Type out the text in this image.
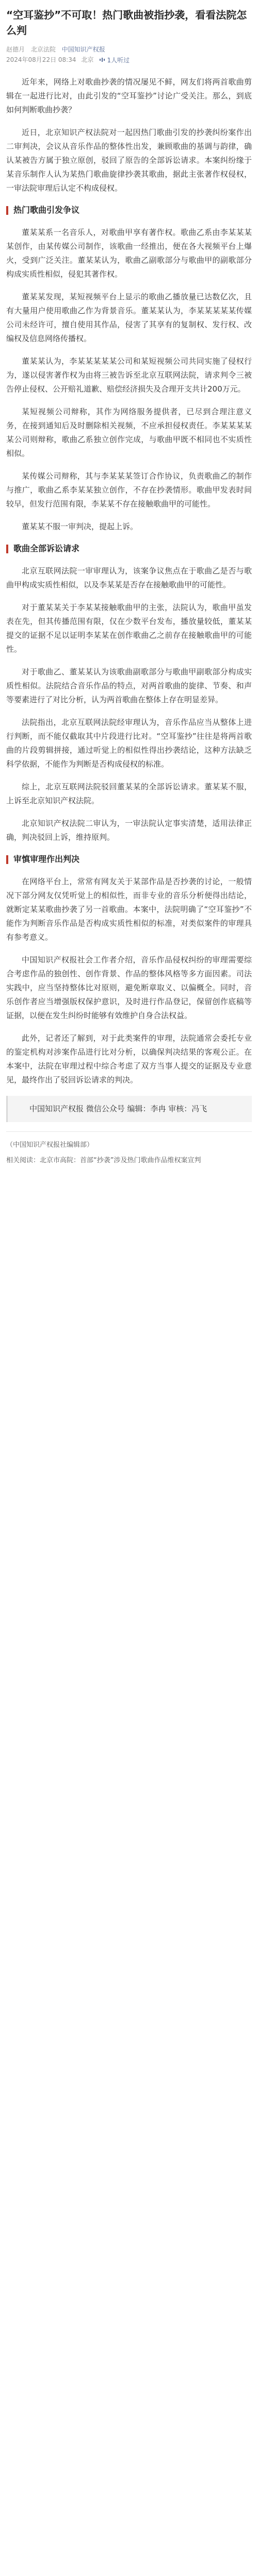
“空耳鉴抄”不可取！热门歌曲被指抄袭，看看法院怎么判
赵德月 北京法院 中国知识产权报
2024年08月22日 08:34 北京 1人听过

近年来，网络上对歌曲抄袭的情况屡见不鲜，网友们将两首歌曲剪辑在一起进行比对，由此引发的“空耳鉴抄”讨论广受关注。那么，到底如何判断歌曲抄袭？

近日，北京知识产权法院对一起因热门歌曲引发的抄袭纠纷案作出二审判决，会议从音乐作品的整体性出发，兼顾歌曲的基调与韵律，确认某被告方属于独立原创，驳回了原告的全部诉讼请求。本案纠纷缘于某音乐制作人认为某热门歌曲旋律抄袭其歌曲，据此主张著作权侵权，一审法院审理后认定不构成侵权。

热门歌曲引发争议

董某某系一名音乐人，对歌曲甲享有著作权。歌曲乙系由李某某某某创作，由某传媒公司制作，该歌曲一经推出，便在各大视频平台上爆火，受到广泛关注。董某某认为，歌曲乙副歌部分与歌曲甲的副歌部分构成实质性相似，侵犯其著作权。

董某某发现，某短视频平台上显示的歌曲乙播放量已达数亿次，且有大量用户使用歌曲乙作为背景音乐。董某某认为，李某某某某某传媒公司未经许可，擅自使用其作品，侵害了其享有的复制权、发行权、改编权及信息网络传播权。

董某某认为，李某某某某某公司和某短视频公司共同实施了侵权行为，遂以侵害著作权为由将三被告诉至北京互联网法院，请求判令三被告停止侵权、公开赔礼道歉、赔偿经济损失及合理开支共计200万元。

某短视频公司辩称，其作为网络服务提供者，已尽到合理注意义务，在接到通知后及时删除相关视频，不应承担侵权责任。李某某某某某公司则辩称，歌曲乙系独立创作完成，与歌曲甲既不相同也不实质性相似。

某传媒公司辩称，其与李某某某签订合作协议，负责歌曲乙的制作与推广，歌曲乙系李某某独立创作，不存在抄袭情形。歌曲甲发表时间较早，但发行范围有限，李某某不存在接触歌曲甲的可能性。

董某某不服一审判决，提起上诉。

歌曲全部诉讼请求

北京互联网法院一审审理认为，该案争议焦点在于歌曲乙是否与歌曲甲构成实质性相似，以及李某某是否存在接触歌曲甲的可能性。

对于董某某关于李某某接触歌曲甲的主张，法院认为，歌曲甲虽发表在先，但其传播范围有限，仅在少数平台发布，播放量较低，董某某提交的证据不足以证明李某某在创作歌曲乙之前存在接触歌曲甲的可能性。

对于歌曲乙、董某某认为该歌曲副歌部分与歌曲甲副歌部分构成实质性相似。法院结合音乐作品的特点，对两首歌曲的旋律、节奏、和声等要素进行了对比分析，认为两首歌曲在整体上存在明显差异。

法院指出，北京互联网法院经审理认为，音乐作品应当从整体上进行判断，而不能仅截取其中片段进行比对。“空耳鉴抄”往往是将两首歌曲的片段剪辑拼接，通过听觉上的相似性得出抄袭结论，这种方法缺乏科学依据，不能作为判断是否构成侵权的标准。

综上，北京互联网法院驳回董某某的全部诉讼请求。董某某不服，上诉至北京知识产权法院。

北京知识产权法院二审认为，一审法院认定事实清楚，适用法律正确，判决驳回上诉，维持原判。

审慎审理作出判决

在网络平台上，常常有网友关于某部作品是否抄袭的讨论，一般情况下部分网友仅凭听觉上的相似性，而非专业的音乐分析便得出结论，就断定某某歌曲抄袭了另一首歌曲。本案中，法院明确了“空耳鉴抄”不能作为判断音乐作品是否构成实质性相似的标准，对类似案件的审理具有参考意义。

中国知识产权报社会工作者介绍，音乐作品侵权纠纷的审理需要综合考虑作品的独创性、创作背景、作品的整体风格等多方面因素。司法实践中，应当坚持整体比对原则，避免断章取义、以偏概全。同时，音乐创作者应当增强版权保护意识，及时进行作品登记，保留创作底稿等证据，以便在发生纠纷时能够有效维护自身合法权益。

此外，记者还了解到，对于此类案件的审理，法院通常会委托专业的鉴定机构对涉案作品进行比对分析，以确保判决结果的客观公正。在本案中，法院在审理过程中综合考虑了双方当事人提交的证据及专业意见，最终作出了驳回诉讼请求的判决。

中国知识产权报 微信公众号 编辑：李冉 审核：冯飞

（中国知识产权报社编辑部）

相关阅读：北京市高院：首部“抄袭”涉及热门歌曲作品维权案宣判
